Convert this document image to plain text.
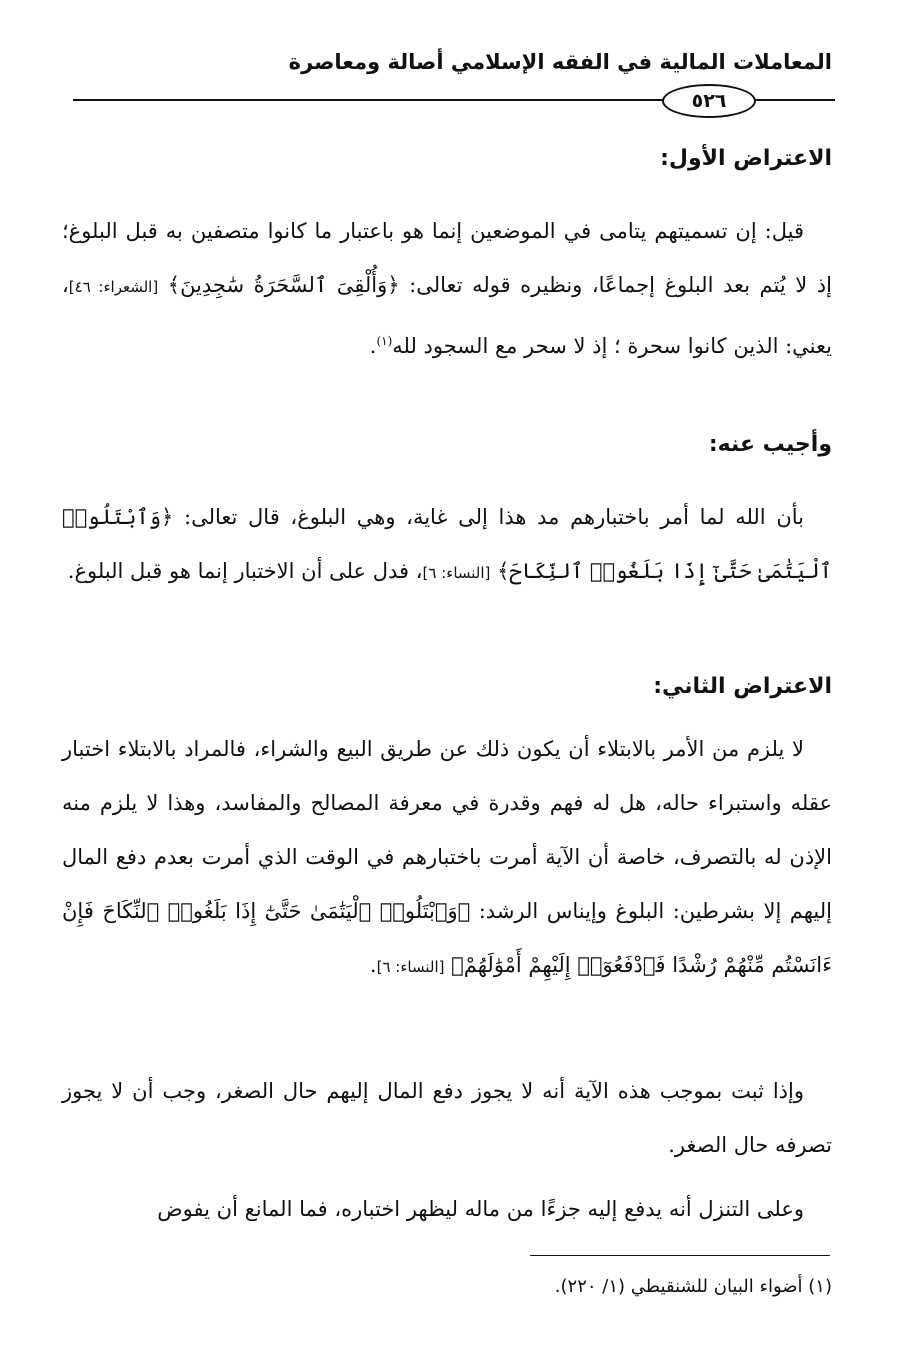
المعاملات المالية في الفقه الإسلامي أصالة ومعاصرة
٥٢٦
الاعتراض الأول:
قيل: إن تسميتهم يتامى في الموضعين إنما هو باعتبار ما كانوا متصفين به قبل البلوغ؛ إذ لا يُتم بعد البلوغ إجماعًا، ونظيره قوله تعالى: ﴿وَأُلْقِىَ ٱلسَّحَرَةُ سَٰجِدِينَ﴾ [الشعراء: ٤٦]، يعني: الذين كانوا سحرة ؛ إذ لا سحر مع السجود لله$^{(١)}$.
وأجيب عنه:
بأن الله لما أمر باختبارهم مد هذا إلى غاية، وهي البلوغ، قال تعالى: ﴿وَٱبْتَلُوا۟ ٱلْيَتَٰمَىٰ حَتَّىٰٓ إِذَا بَلَغُوا۟ ٱلنِّكَاحَ﴾ [النساء: ٦]، فدل على أن الاختبار إنما هو قبل البلوغ.
الاعتراض الثاني:
لا يلزم من الأمر بالابتلاء أن يكون ذلك عن طريق البيع والشراء، فالمراد بالابتلاء اختبار عقله واستبراء حاله، هل له فهم وقدرة في معرفة المصالح والمفاسد، وهذا لا يلزم منه الإذن له بالتصرف، خاصة أن الآية أمرت باختبارهم في الوقت الذي أمرت بعدم دفع المال إليهم إلا بشرطين: البلوغ وإيناس الرشد: ﴿وَٱبْتَلُوا۟ ٱلْيَتَٰمَىٰ حَتَّىٰٓ إِذَا بَلَغُوا۟ ٱلنِّكَاحَ فَإِنْ ءَانَسْتُم مِّنْهُمْ رُشْدًا فَٱدْفَعُوٓا۟ إِلَيْهِمْ أَمْوَٰلَهُمْ﴾ [النساء: ٦].
وإذا ثبت بموجب هذه الآية أنه لا يجوز دفع المال إليهم حال الصغر، وجب أن لا يجوز تصرفه حال الصغر.
وعلى التنزل أنه يدفع إليه جزءًا من ماله ليظهر اختباره، فما المانع أن يفوض
(١) أضواء البيان للشنقيطي (١/ ٢٢٠).
